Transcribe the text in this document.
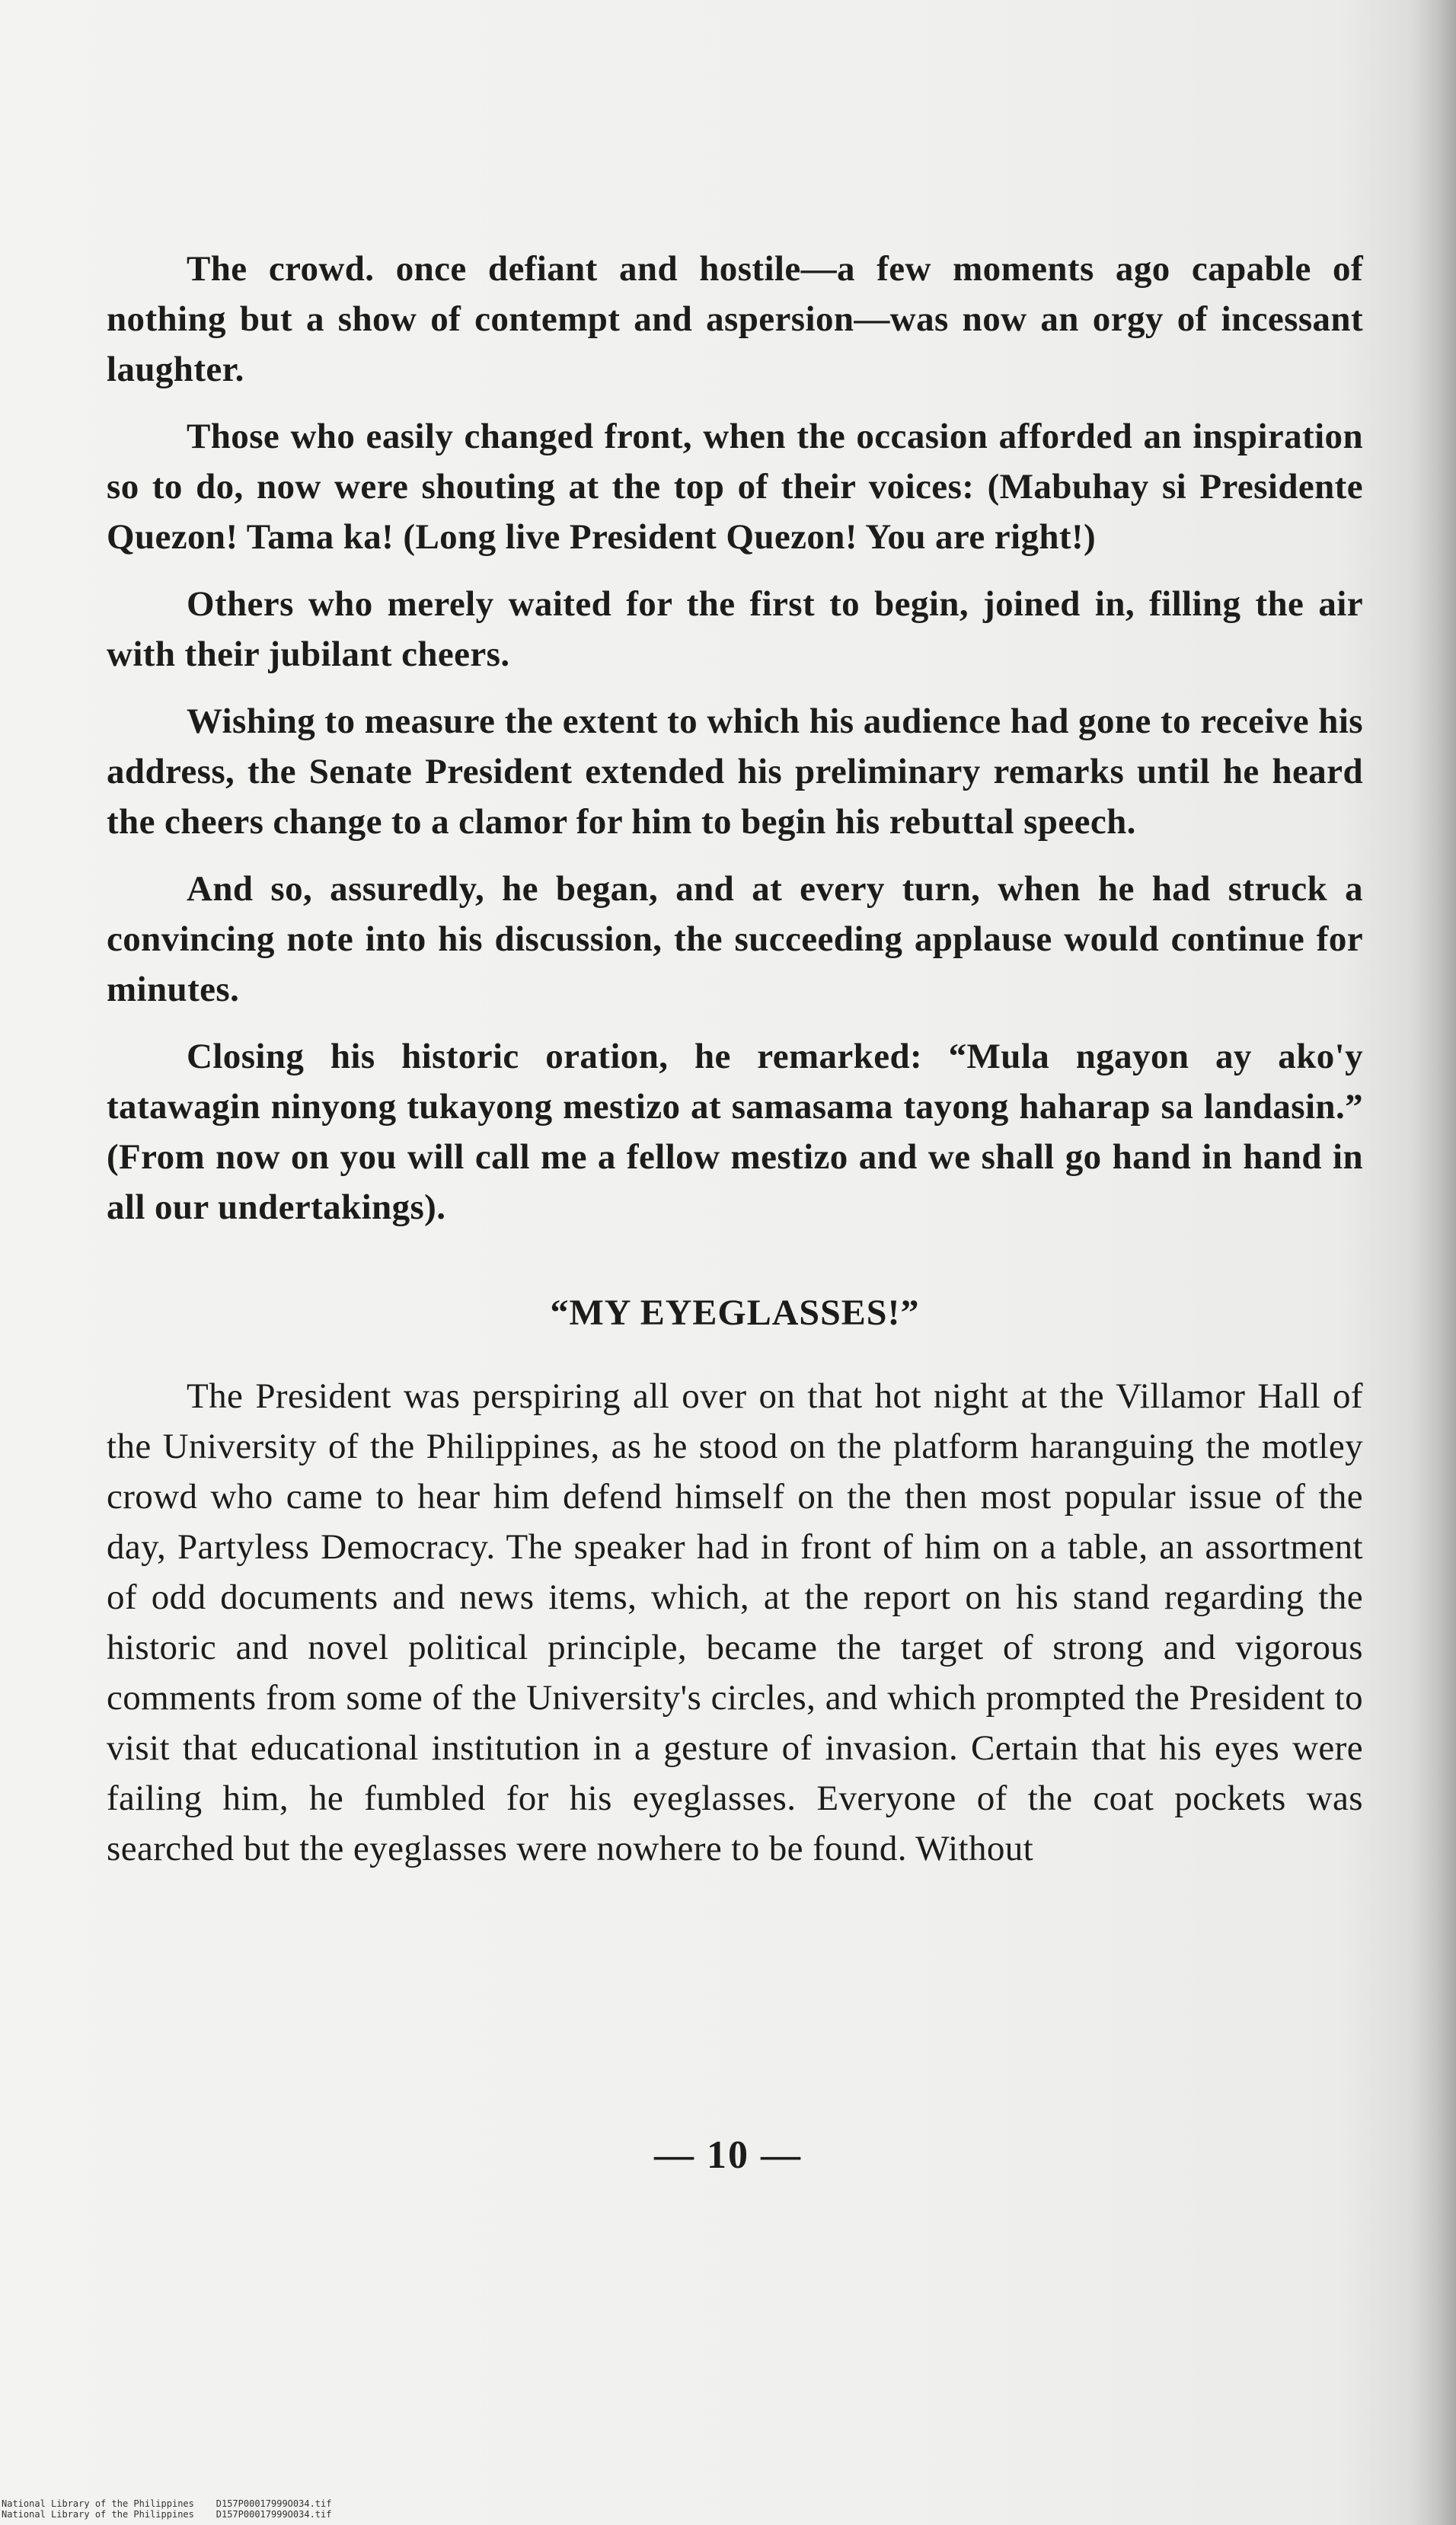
The crowd. once defiant and hostile—a few moments ago capable of nothing but a show of contempt and aspersion—was now an orgy of incessant laughter.

Those who easily changed front, when the occasion afforded an inspiration so to do, now were shouting at the top of their voices: (Mabuhay si Presidente Quezon! Tama ka! (Long live President Quezon! You are right!)

Others who merely waited for the first to begin, joined in, filling the air with their jubilant cheers.

Wishing to measure the extent to which his audience had gone to receive his address, the Senate President extended his preliminary remarks until he heard the cheers change to a clamor for him to begin his rebuttal speech.

And so, assuredly, he began, and at every turn, when he had struck a convincing note into his discussion, the succeeding applause would continue for minutes.

Closing his historic oration, he remarked: “Mula ngayon ay ako'y tatawagin ninyong tukayong mestizo at samasama tayong haharap sa landasin.” (From now on you will call me a fellow mestizo and we shall go hand in hand in all our undertakings).

“MY EYEGLASSES!”

The President was perspiring all over on that hot night at the Villamor Hall of the University of the Philippines, as he stood on the platform haranguing the motley crowd who came to hear him defend himself on the then most popular issue of the day, Partyless Democracy. The speaker had in front of him on a table, an assortment of odd documents and news items, which, at the report on his stand regarding the historic and novel political principle, became the target of strong and vigorous comments from some of the University's circles, and which prompted the President to visit that educational institution in a gesture of invasion. Certain that his eyes were failing him, he fumbled for his eyeglasses. Everyone of the coat pockets was searched but the eyeglasses were nowhere to be found. Without

— 10 —
National Library of the Philippines    D157P00017999O034.tif
National Library of the Philippines    D157P00017999O034.tif
